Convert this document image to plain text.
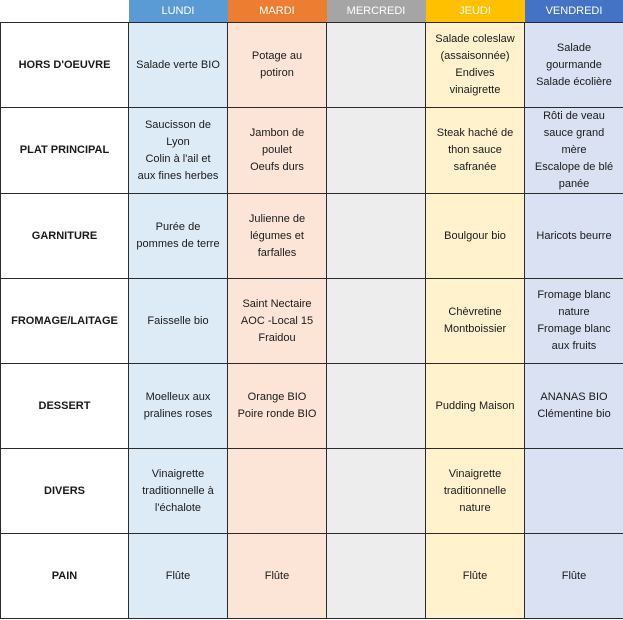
	LUNDI	MARDI	MERCREDI	JEUDI	VENDREDI
HORS D'OEUVRE	Salade verte BIO	Potage au
potiron		Salade coleslaw
(assaisonnée)
Endives
vinaigrette	Salade
gourmande
Salade écolière

PLAT PRINCIPAL	Saucisson de
Lyon
Colin à l'ail et
aux fines herbes	Jambon de
poulet
Oeufs durs		Steak haché de
thon sauce
safranée	Rôti de veau
sauce grand
mère
Escalope de blé
panée

GARNITURE	Purée de
pommes de terre	Julienne de
légumes et
farfalles		Boulgour bio	Haricots beurre

FROMAGE/LAITAGE	Faisselle bio	Saint Nectaire
AOC -Local 15
Fraidou		Chèvretine
Montboissier	Fromage blanc
nature
Fromage blanc
aux fruits

DESSERT	Moelleux aux
pralines roses	Orange BIO
Poire ronde BIO		Pudding Maison	ANANAS BIO
Clémentine bio

DIVERS	Vinaigrette
traditionnelle à
l'échalote			Vinaigrette
traditionnelle
nature	

PAIN	Flûte	Flûte		Flûte	Flûte
